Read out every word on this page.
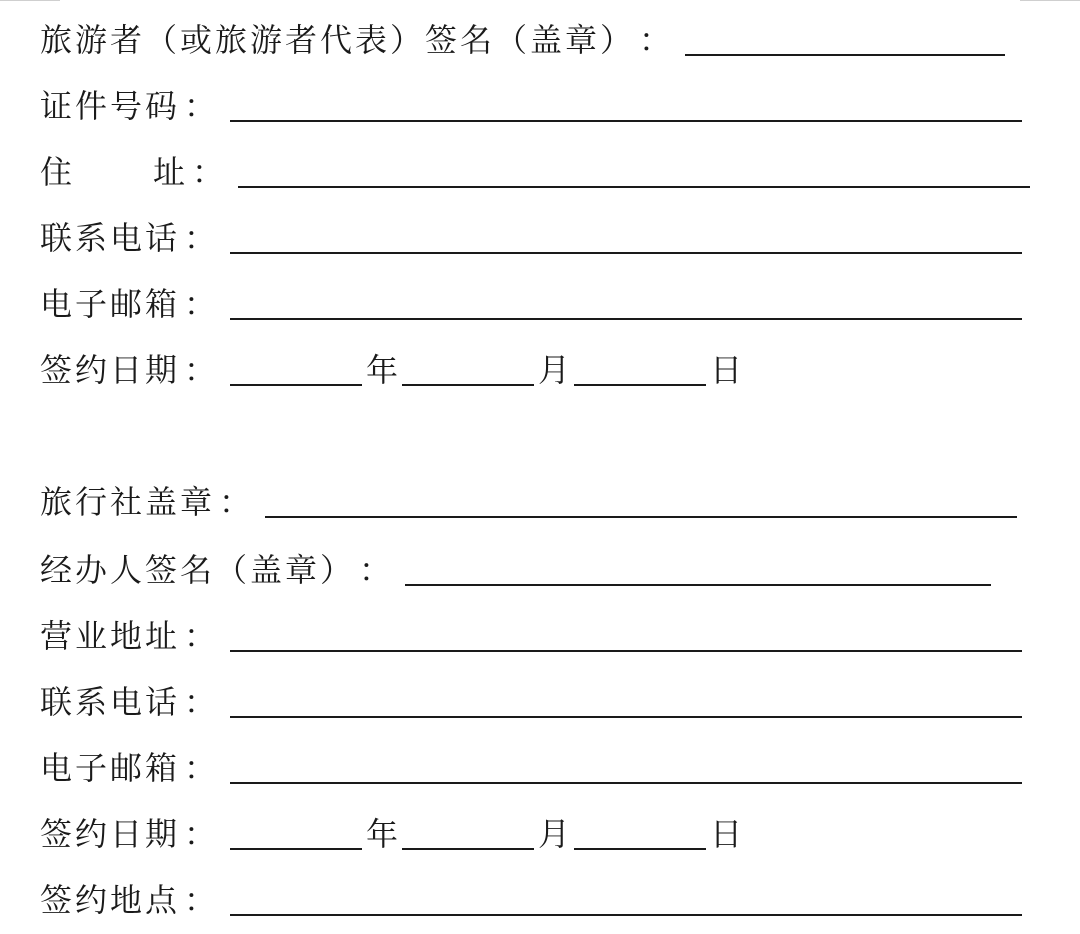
旅游者（或旅游者代表）签名（盖章） ：
证件号码 ：
住 址 ：
联系电话 ：
电子邮箱 ：
签约日期 ：	年	月	日
旅行社盖章 ：
经办人签名（盖章） ：
营业地址 ：
联系电话 ：
电子邮箱 ：
签约日期 ：	年	月	日
签约地点 ：
